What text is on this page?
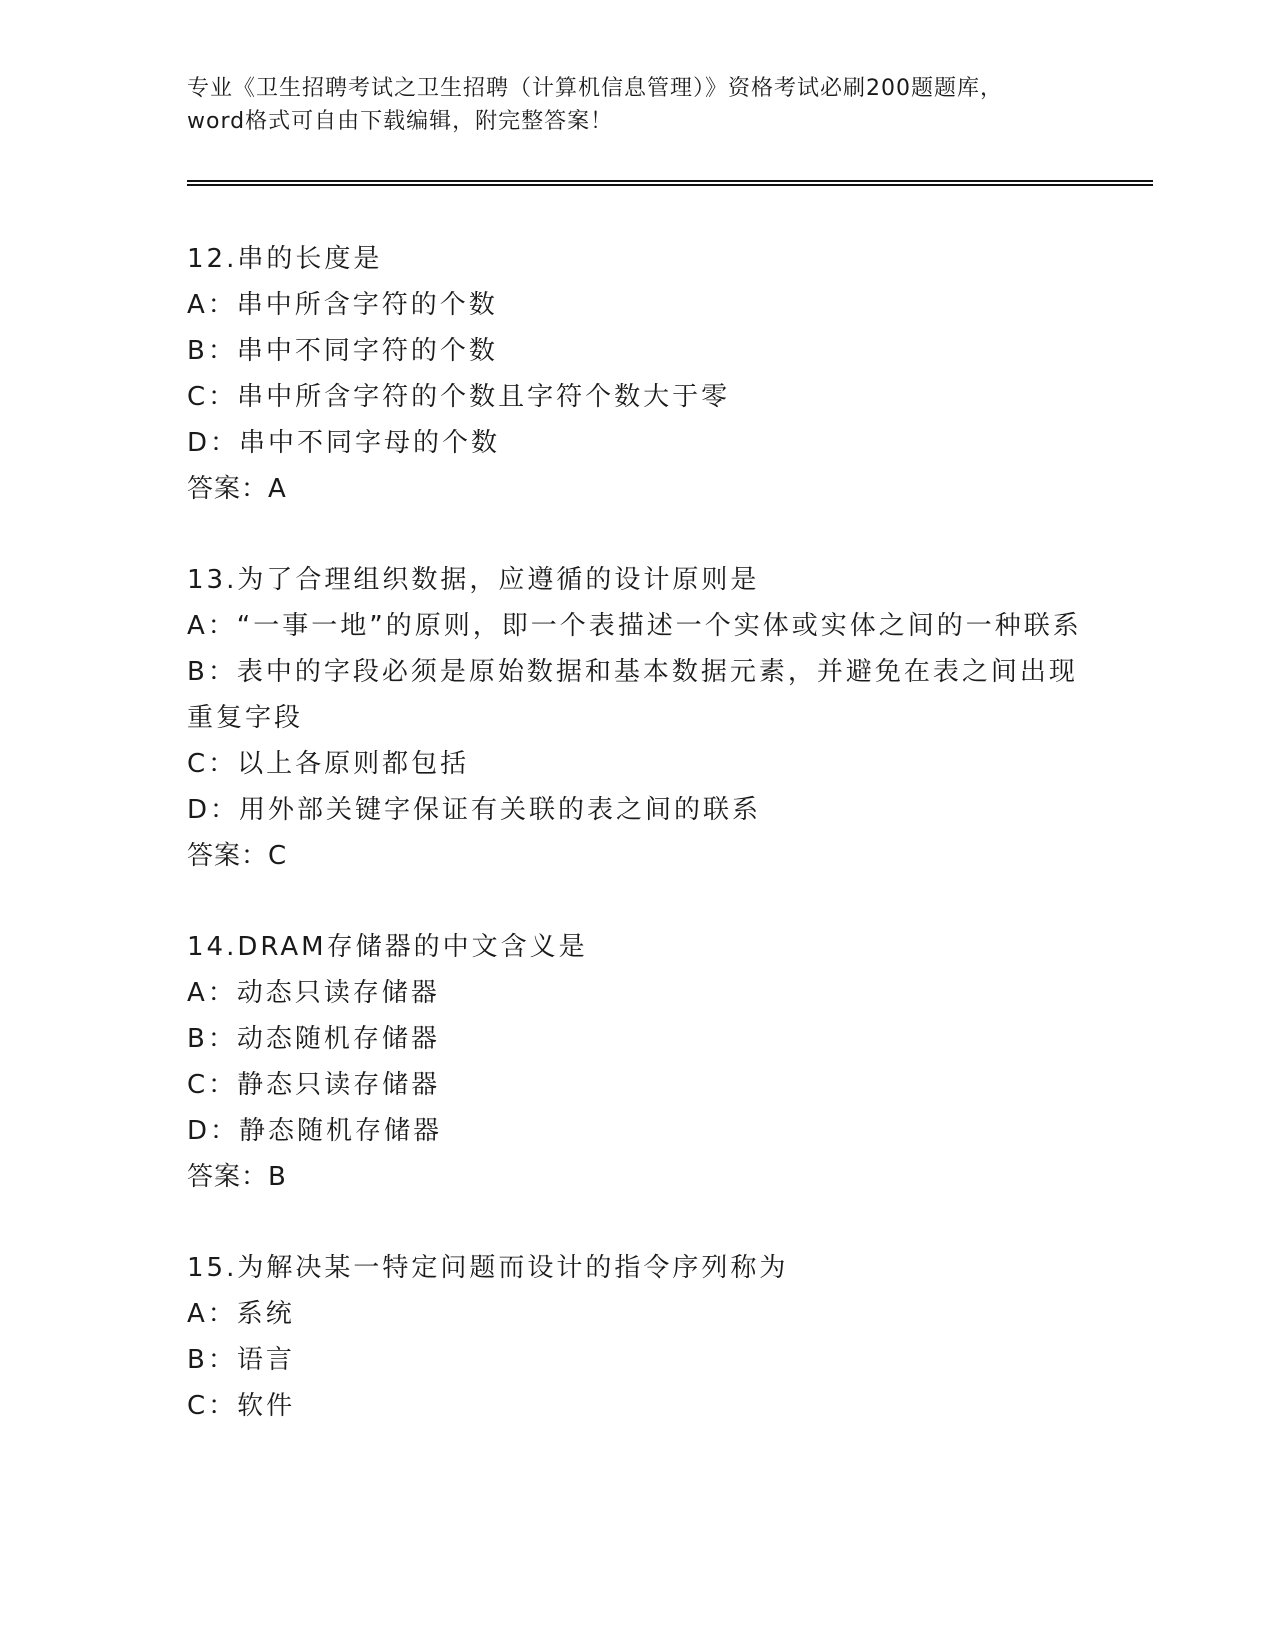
专业《卫生招聘考试之卫生招聘（计算机信息管理）》资格考试必刷200题题库，
word格式可自由下载编辑，附完整答案！
12.串的长度是
A：串中所含字符的个数
B：串中不同字符的个数
C：串中所含字符的个数且字符个数大于零
D：串中不同字母的个数
答案：A
13.为了合理组织数据，应遵循的设计原则是
A：“一事一地”的原则，即一个表描述一个实体或实体之间的一种联系
B：表中的字段必须是原始数据和基本数据元素，并避免在表之间出现重复字段
C：以上各原则都包括
D：用外部关键字保证有关联的表之间的联系
答案：C
14.DRAM存储器的中文含义是
A：动态只读存储器
B：动态随机存储器
C：静态只读存储器
D：静态随机存储器
答案：B
15.为解决某一特定问题而设计的指令序列称为
A：系统
B：语言
C：软件
